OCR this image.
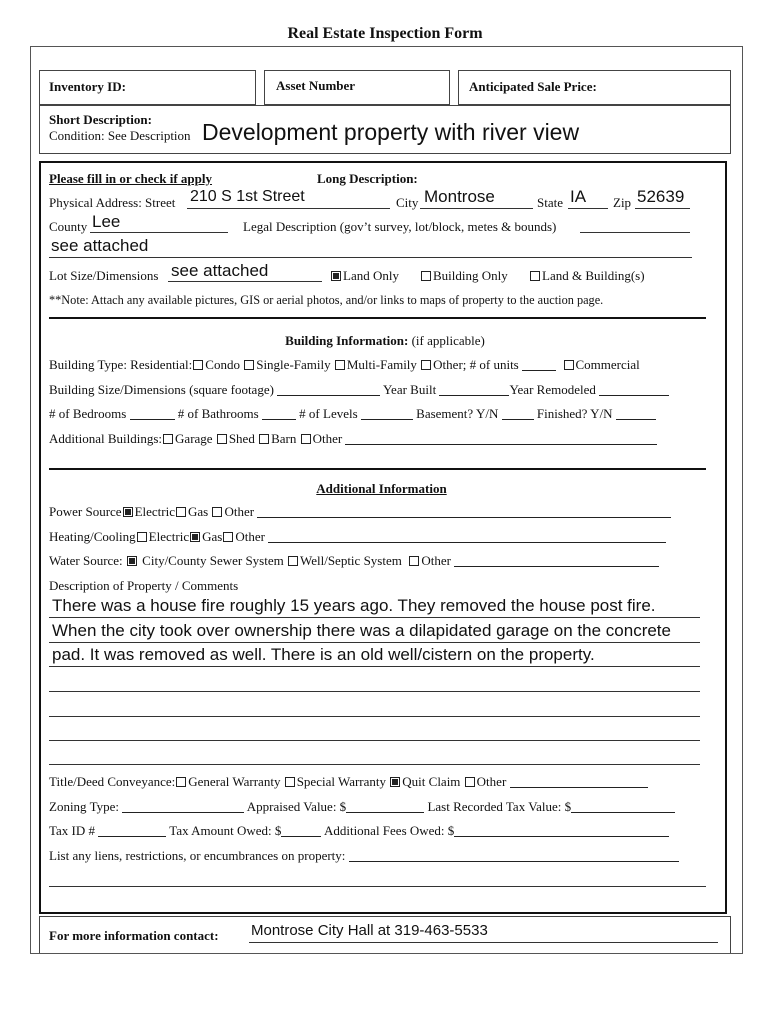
Real Estate Inspection Form
Inventory ID:	Asset Number	Anticipated Sale Price:
Short Description:
Condition: See Description Development property with river view
Please fill in or check if apply	Long Description:
Physical Address: Street 210 S 1st Street	City Montrose	State IA Zip 52639
County Lee	Legal Description (gov’t survey, lot/block, metes & bounds)
see attached
Lot Size/Dimensions see attached	Land Only	Building Only	Land & Building(s)
**Note: Attach any available pictures, GIS or aerial photos, and/or links to maps of property to the auction page.
Building Information: (if applicable)
Building Type: Residential: Condo Single-Family Multi-Family Other; # of units	Commercial
Building Size/Dimensions (square footage)	Year Built	Year Remodeled
# of Bedrooms	# of Bathrooms	# of Levels	Basement? Y/N	Finished? Y/N
Additional Buildings: Garage Shed Barn Other
Additional Information
Power Source Electric Gas Other
Heating/Cooling Electric Gas Other
Water Source: City/County Sewer System Well/Septic System Other
Description of Property / Comments
There was a house fire roughly 15 years ago. They removed the house post fire.
When the city took over ownership there was a dilapidated garage on the concrete
pad. It was removed as well. There is an old well/cistern on the property.
Title/Deed Conveyance: General Warranty Special Warranty Quit Claim Other
Zoning Type:	Appraised Value: $	Last Recorded Tax Value: $
Tax ID #	Tax Amount Owed: $	Additional Fees Owed: $
List any liens, restrictions, or encumbrances on property:
For more information contact: Montrose City Hall at 319-463-5533
